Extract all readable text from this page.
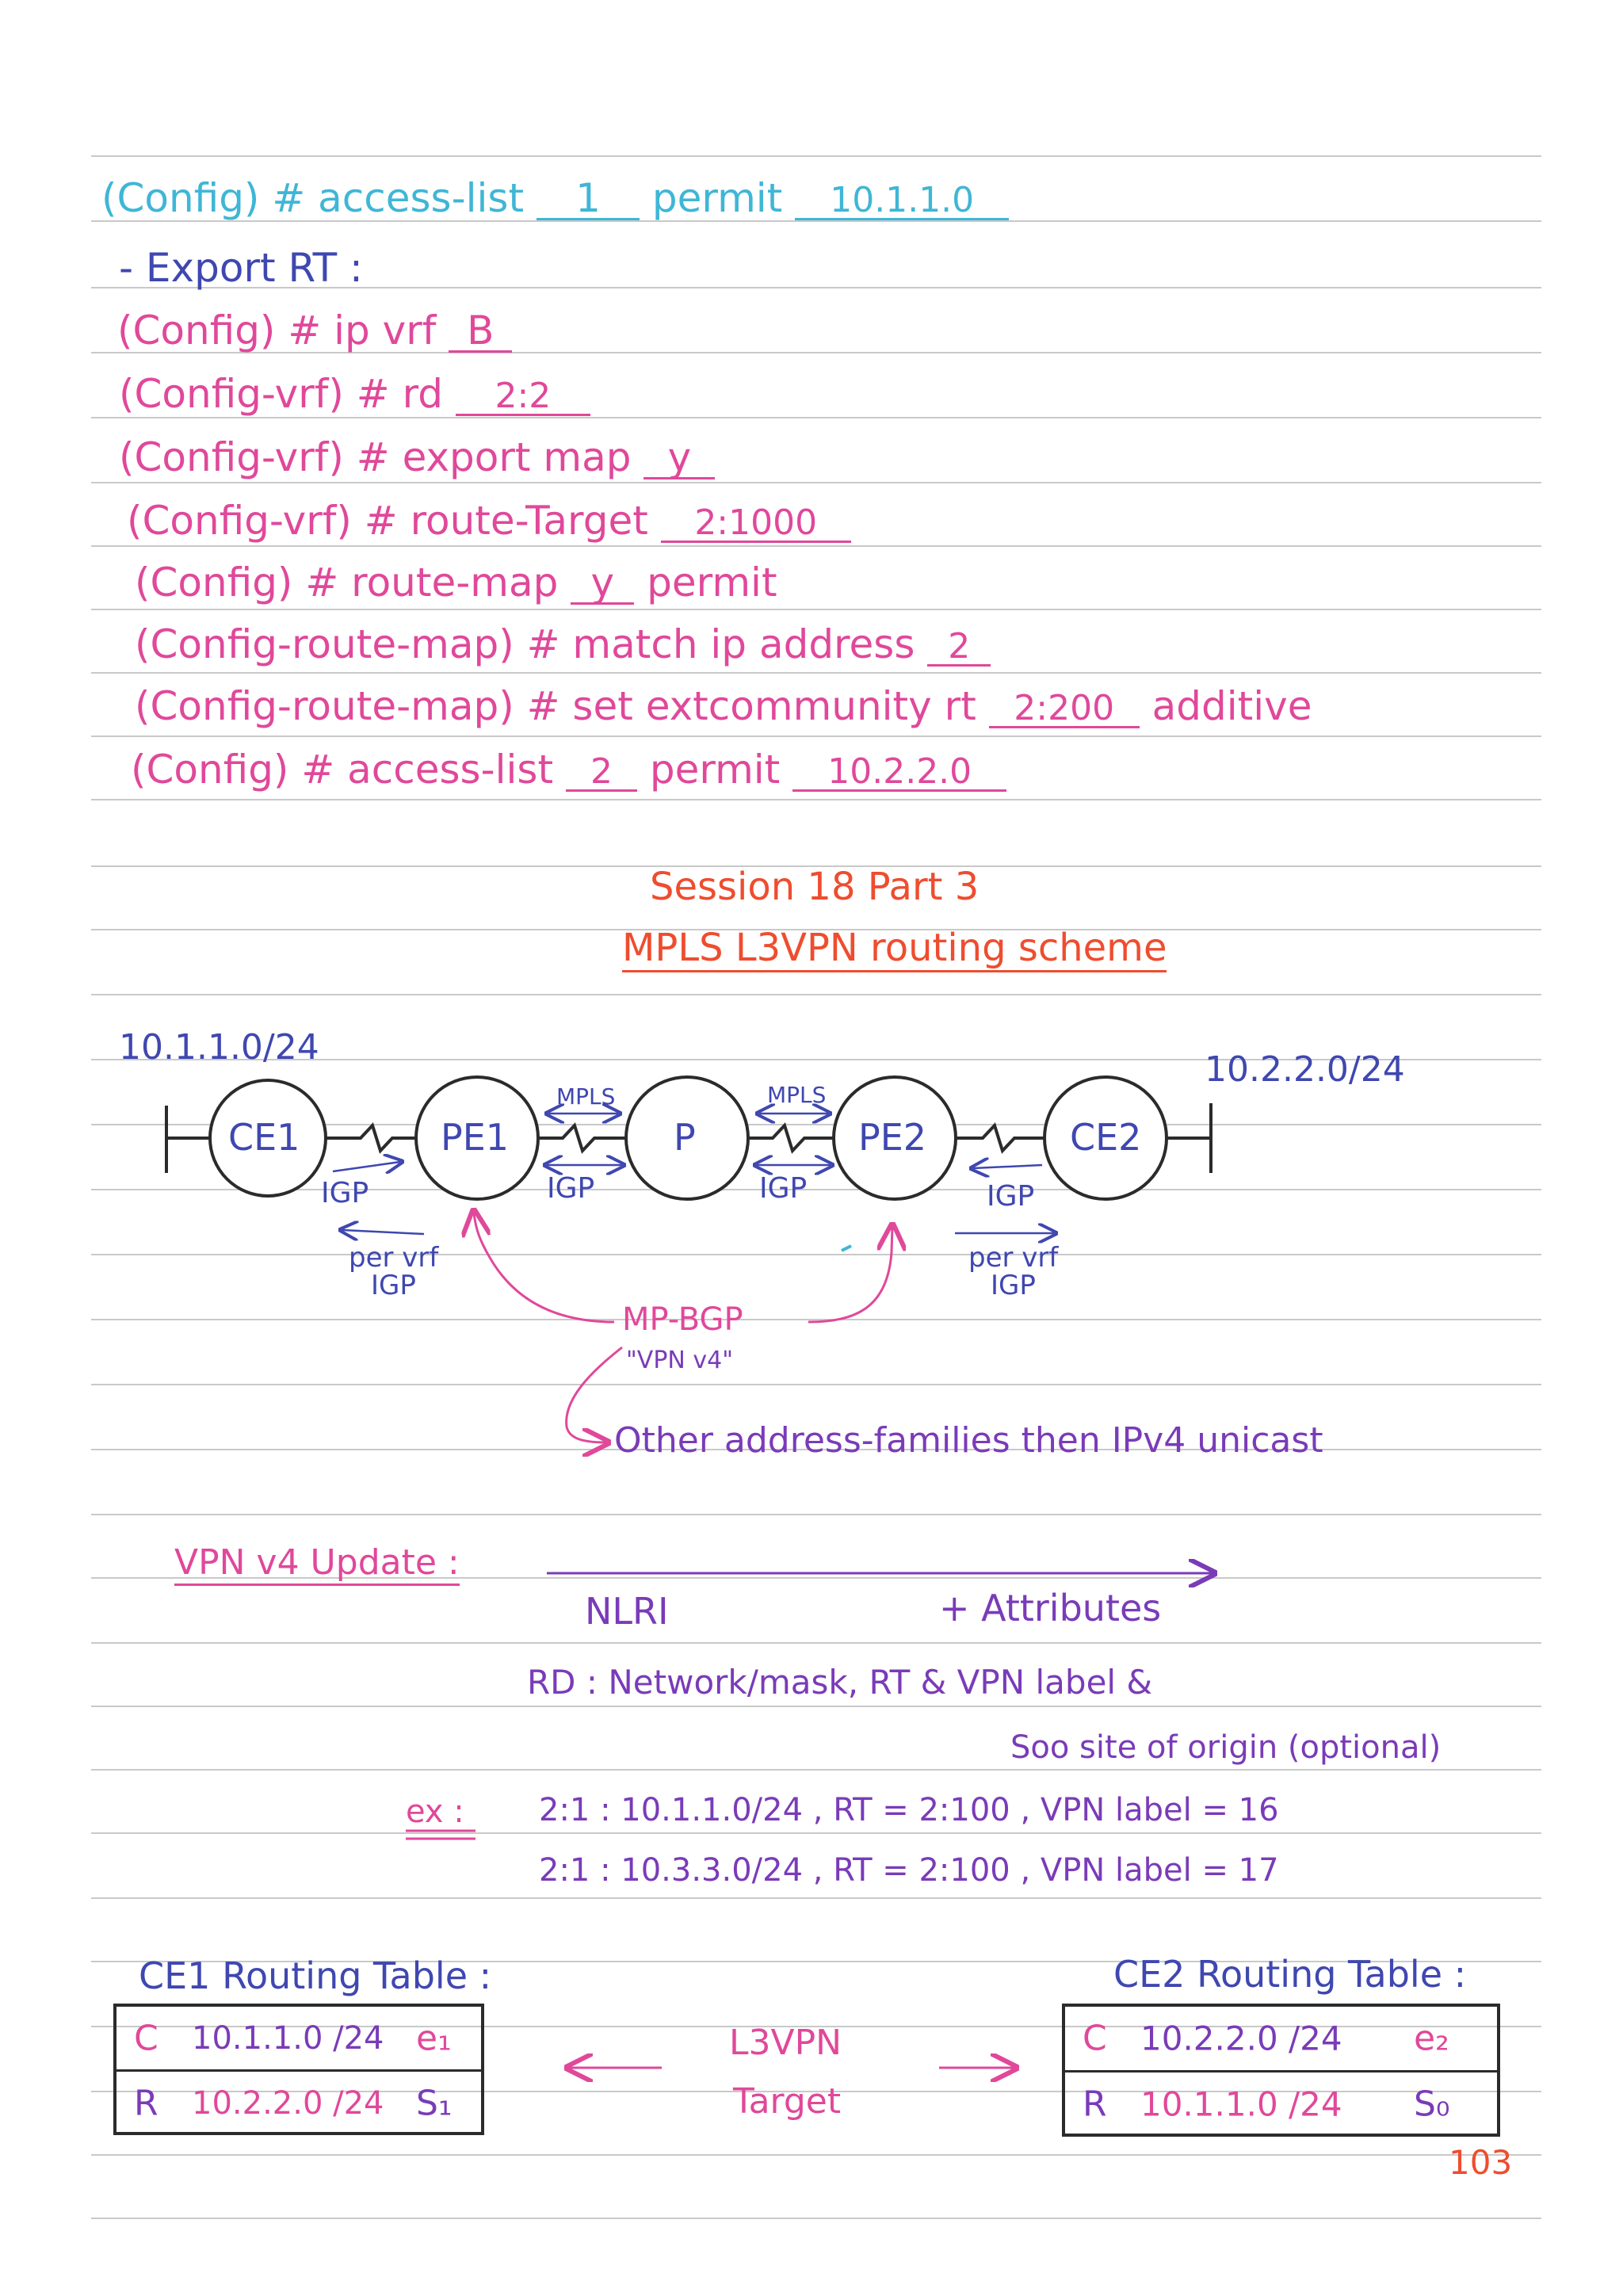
(Config) # access-list 1 permit 10.1.1.0
- Export RT :
(Config) # ip vrf B
(Config-vrf) # rd 2:2
(Config-vrf) # export map y
(Config-vrf) # route-Target 2:1000
(Config) # route-map y permit
(Config-route-map) # match ip address 2
(Config-route-map) # set extcommunity rt 2:200 additive
(Config) # access-list 2 permit 10.2.2.0
Session 18 Part 3
MPLS L3VPN routing scheme
10.1.1.0/24
10.2.2.0/24
CE1	PE1	P	PE2	CE2
MPLS	MPLS
IGP	IGP	IGP	IGP
per vrf
IGP
per vrf
IGP
MP-BGP
"VPN v4"
Other address-families then IPv4 unicast
VPN v4 Update :
NLRI	+ Attributes
RD : Network/mask, RT & VPN label &
Soo site of origin (optional)
ex : 2:1 : 10.1.1.0/24 , RT = 2:100 , VPN label = 16
2:1 : 10.3.3.0/24 , RT = 2:100 , VPN label = 17
CE1 Routing Table :	CE2 Routing Table :
C 10.1.1.0 /24 e₁
R 10.2.2.0 /24 S₁
C 10.2.2.0 /24 e₂
R 10.1.1.0 /24 S₀
L3VPN
Target
103
